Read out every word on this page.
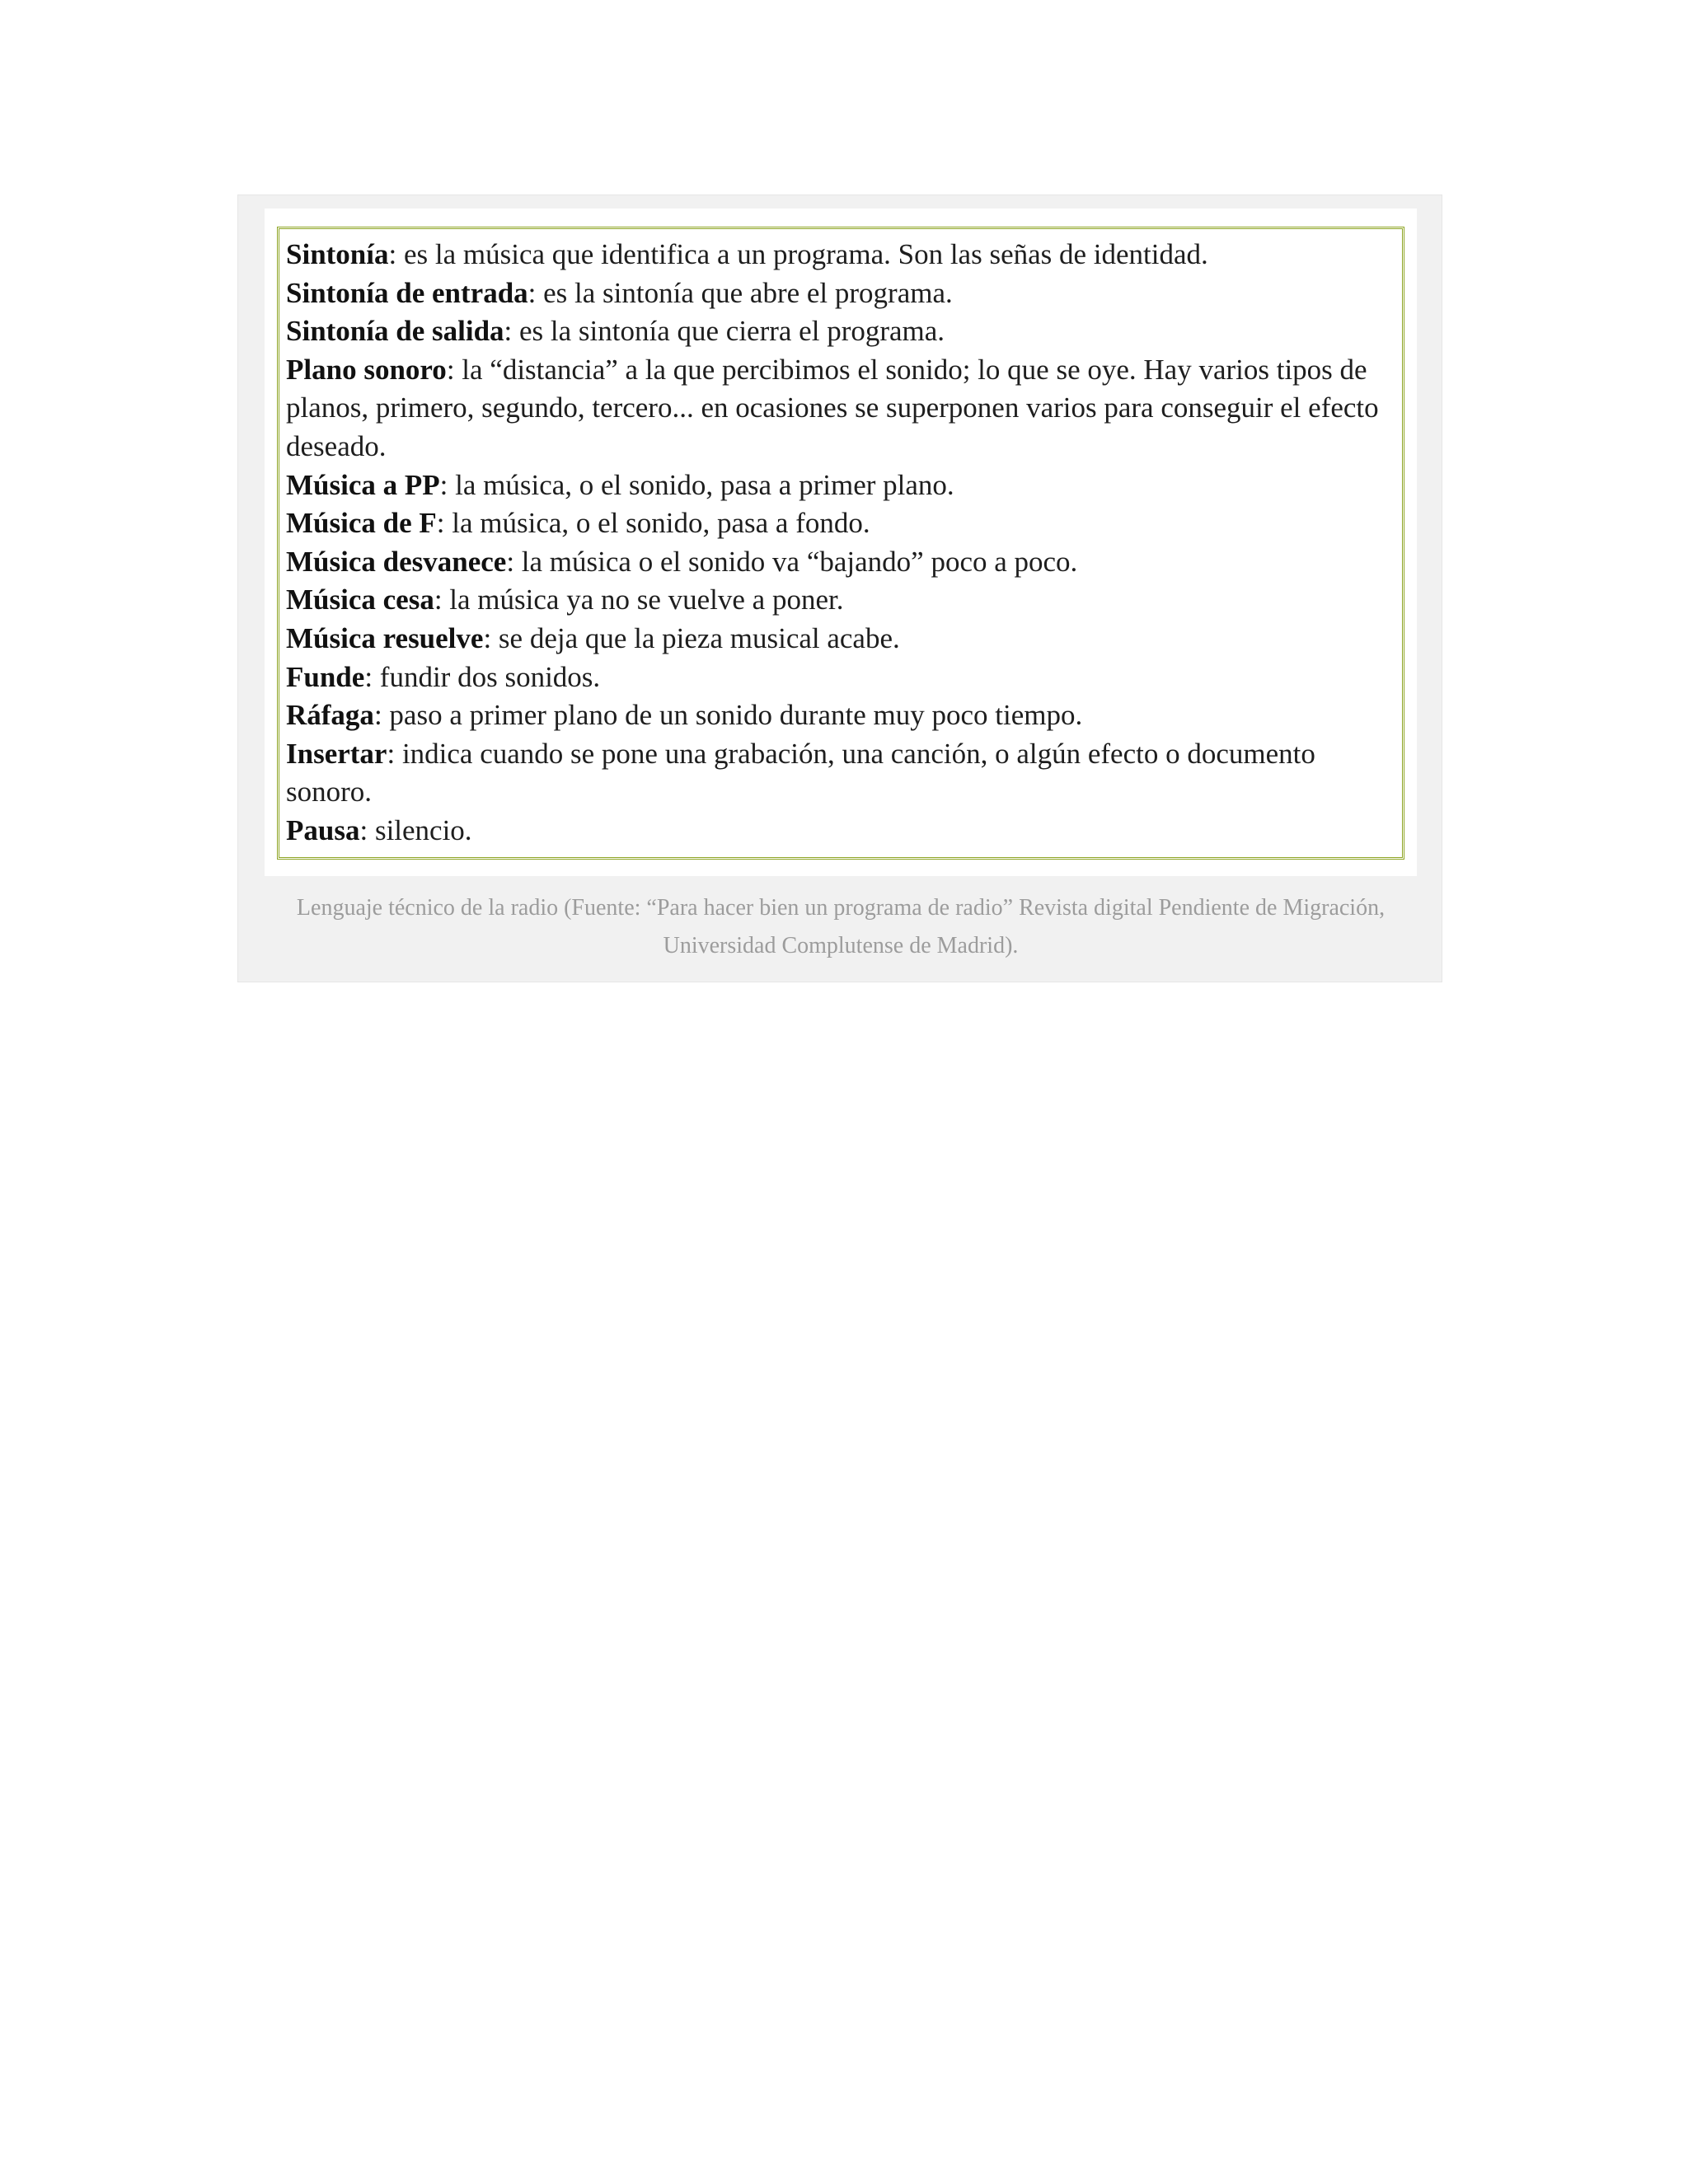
Sintonía: es la música que identifica a un programa. Son las señas de identidad.

Sintonía de entrada: es la sintonía que abre el programa.

Sintonía de salida: es la sintonía que cierra el programa.

Plano sonoro: la “distancia” a la que percibimos el sonido; lo que se oye. Hay varios tipos de planos, primero, segundo, tercero... en ocasiones se superponen varios para conseguir el efecto deseado.

Música a PP: la música, o el sonido, pasa a primer plano.

Música de F: la música, o el sonido, pasa a fondo.

Música desvanece: la música o el sonido va “bajando” poco a poco.

Música cesa: la música ya no se vuelve a poner.

Música resuelve: se deja que la pieza musical acabe.

Funde: fundir dos sonidos.

Ráfaga: paso a primer plano de un sonido durante muy poco tiempo.

Insertar: indica cuando se pone una grabación, una canción, o algún efecto o documento sonoro.

Pausa: silencio.

Lenguaje técnico de la radio (Fuente: “Para hacer bien un programa de radio” Revista digital Pendiente de Migración, Universidad Complutense de Madrid).
